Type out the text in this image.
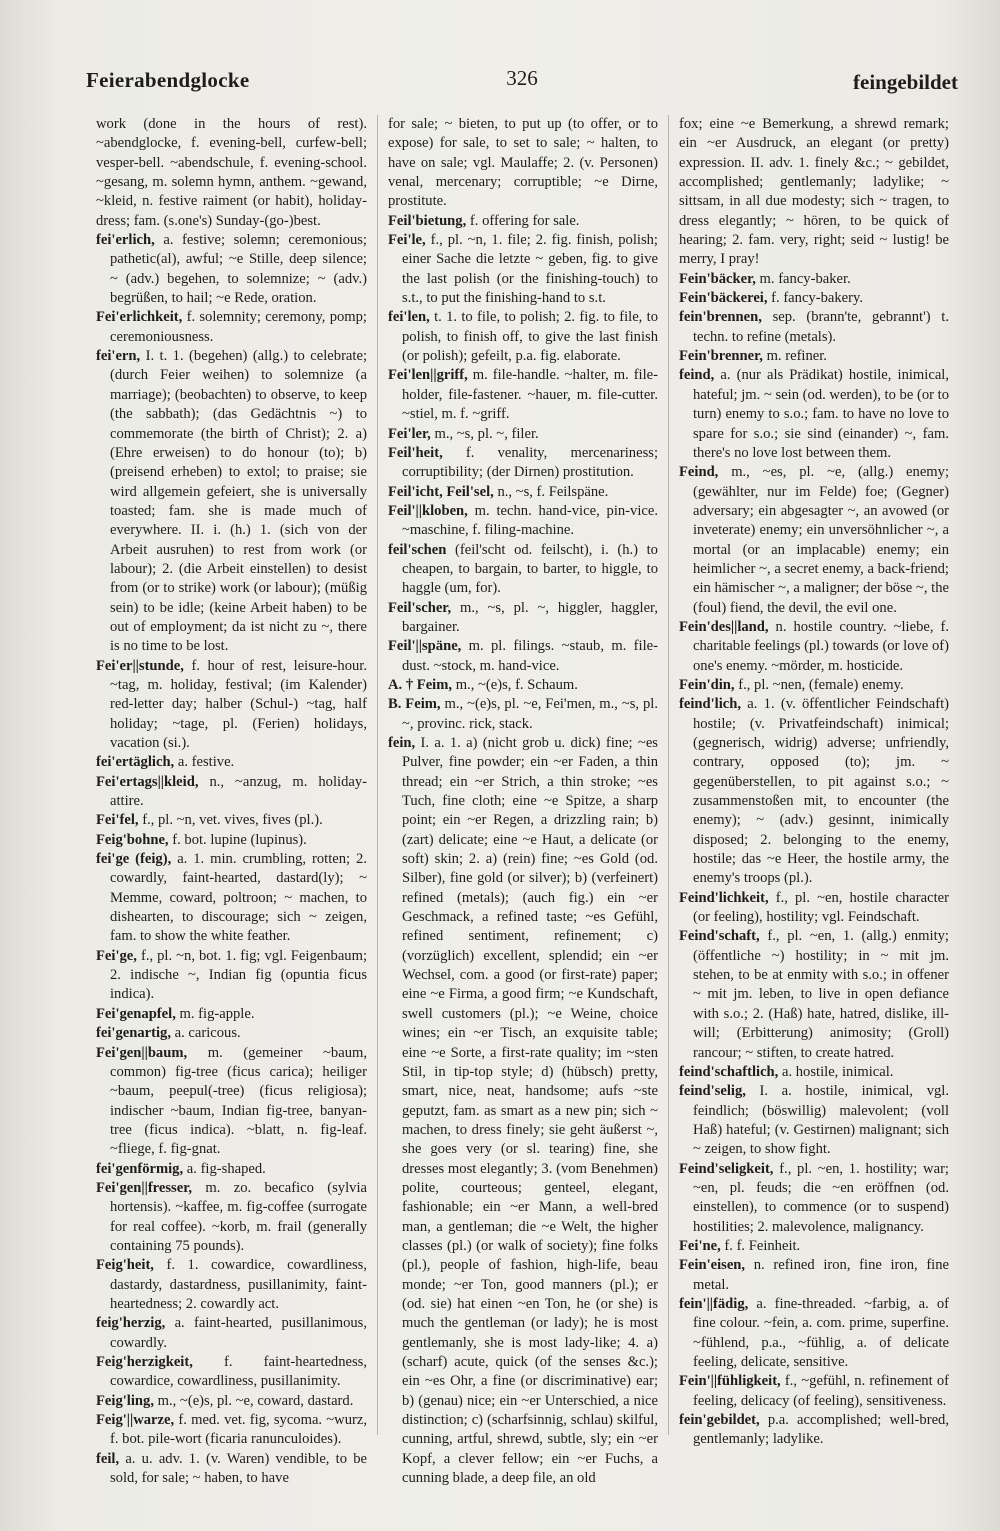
Feierabendglocke	326	feingebildet

work (done in the hours of rest). ~abendglocke, f. evening-bell, curfew-bell; vesper-bell. ~abendschule, f. evening-school. ~gesang, m. solemn hymn, anthem. ~gewand, ~kleid, n. festive raiment (or habit), holiday-dress; fam. (s.one's) Sunday-(go-)best.

fei'erlich, a. festive; solemn; ceremonious; pathetic(al), awful; ~e Stille, deep silence; ~ (adv.) begehen, to solemnize; ~ (adv.) begrüßen, to hail; ~e Rede, oration.

Fei'erlichkeit, f. solemnity; ceremony, pomp; ceremoniousness.

fei'ern, I. t. 1. (begehen) (allg.) to celebrate; (durch Feier weihen) to solemnize (a marriage); (beobachten) to observe, to keep (the sabbath); (das Gedächtnis ~) to commemorate (the birth of Christ); 2. a) (Ehre erweisen) to do honour (to); b) (preisend erheben) to extol; to praise; sie wird allgemein gefeiert, she is universally toasted; fam. she is made much of everywhere. II. i. (h.) 1. (sich von der Arbeit ausruhen) to rest from work (or labour); 2. (die Arbeit einstellen) to desist from (or to strike) work (or labour); (müßig sein) to be idle; (keine Arbeit haben) to be out of employment; da ist nicht zu ~, there is no time to be lost.

Fei'er||stunde, f. hour of rest, leisure-hour. ~tag, m. holiday, festival; (im Kalender) red-letter day; halber (Schul-) ~tag, half holiday; ~tage, pl. (Ferien) holidays, vacation (si.).

fei'ertäglich, a. festive.

Fei'ertags||kleid, n., ~anzug, m. holiday-attire.

Fei'fel, f., pl. ~n, vet. vives, fives (pl.).

Feig'bohne, f. bot. lupine (lupinus).

fei'ge (feig), a. 1. min. crumbling, rotten; 2. cowardly, faint-hearted, dastard(ly); ~ Memme, coward, poltroon; ~ machen, to dishearten, to discourage; sich ~ zeigen, fam. to show the white feather.

Fei'ge, f., pl. ~n, bot. 1. fig; vgl. Feigenbaum; 2. indische ~, Indian fig (opuntia ficus indica).

Fei'genapfel, m. fig-apple.

fei'genartig, a. caricous.

Fei'gen||baum, m. (gemeiner ~baum, common) fig-tree (ficus carica); heiliger ~baum, peepul(-tree) (ficus religiosa); indischer ~baum, Indian fig-tree, banyan-tree (ficus indica). ~blatt, n. fig-leaf. ~fliege, f. fig-gnat.

fei'genförmig, a. fig-shaped.

Fei'gen||fresser, m. zo. becafico (sylvia hortensis). ~kaffee, m. fig-coffee (surrogate for real coffee). ~korb, m. frail (generally containing 75 pounds).

Feig'heit, f. 1. cowardice, cowardliness, dastardy, dastardness, pusillanimity, faint-heartedness; 2. cowardly act.

feig'herzig, a. faint-hearted, pusillanimous, cowardly.

Feig'herzigkeit, f. faint-heartedness, cowardice, cowardliness, pusillanimity.

Feig'ling, m., ~(e)s, pl. ~e, coward, dastard.

Feig'||warze, f. med. vet. fig, sycoma. ~wurz, f. bot. pile-wort (ficaria ranunculoides).

feil, a. u. adv. 1. (v. Waren) vendible, to be sold, for sale; ~ haben, to have

for sale; ~ bieten, to put up (to offer, or to expose) for sale, to set to sale; ~ halten, to have on sale; vgl. Maulaffe; 2. (v. Personen) venal, mercenary; corruptible; ~e Dirne, prostitute.

Feil'bietung, f. offering for sale.

Fei'le, f., pl. ~n, 1. file; 2. fig. finish, polish; einer Sache die letzte ~ geben, fig. to give the last polish (or the finishing-touch) to s.t., to put the finishing-hand to s.t.

fei'len, t. 1. to file, to polish; 2. fig. to file, to polish, to finish off, to give the last finish (or polish); gefeilt, p.a. fig. elaborate.

Fei'len||griff, m. file-handle. ~halter, m. file-holder, file-fastener. ~hauer, m. file-cutter. ~stiel, m. f. ~griff.

Fei'ler, m., ~s, pl. ~, filer.

Feil'heit, f. venality, mercenariness; corruptibility; (der Dirnen) prostitution.

Feil'icht, Feil'sel, n., ~s, f. Feilspäne.

Feil'||kloben, m. techn. hand-vice, pin-vice. ~maschine, f. filing-machine.

feil'schen (feil'scht od. feilscht), i. (h.) to cheapen, to bargain, to barter, to higgle, to haggle (um, for).

Feil'scher, m., ~s, pl. ~, higgler, haggler, bargainer.

Feil'||späne, m. pl. filings. ~staub, m. file-dust. ~stock, m. hand-vice.

A. † Feim, m., ~(e)s, f. Schaum.

B. Feim, m., ~(e)s, pl. ~e, Fei'men, m., ~s, pl. ~, provinc. rick, stack.

fein, I. a. 1. a) (nicht grob u. dick) fine; ~es Pulver, fine powder; ein ~er Faden, a thin thread; ein ~er Strich, a thin stroke; ~es Tuch, fine cloth; eine ~e Spitze, a sharp point; ein ~er Regen, a drizzling rain; b) (zart) delicate; eine ~e Haut, a delicate (or soft) skin; 2. a) (rein) fine; ~es Gold (od. Silber), fine gold (or silver); b) (verfeinert) refined (metals); (auch fig.) ein ~er Geschmack, a refined taste; ~es Gefühl, refined sentiment, refinement; c) (vorzüglich) excellent, splendid; ein ~er Wechsel, com. a good (or first-rate) paper; eine ~e Firma, a good firm; ~e Kundschaft, swell customers (pl.); ~e Weine, choice wines; ein ~er Tisch, an exquisite table; eine ~e Sorte, a first-rate quality; im ~sten Stil, in tip-top style; d) (hübsch) pretty, smart, nice, neat, handsome; aufs ~ste geputzt, fam. as smart as a new pin; sich ~ machen, to dress finely; sie geht äußerst ~, she goes very (or sl. tearing) fine, she dresses most elegantly; 3. (vom Benehmen) polite, courteous; genteel, elegant, fashionable; ein ~er Mann, a well-bred man, a gentleman; die ~e Welt, the higher classes (pl.) (or walk of society); fine folks (pl.), people of fashion, high-life, beau monde; ~er Ton, good manners (pl.); er (od. sie) hat einen ~en Ton, he (or she) is much the gentleman (or lady); he is most gentlemanly, she is most lady-like; 4. a) (scharf) acute, quick (of the senses &c.); ein ~es Ohr, a fine (or discriminative) ear; b) (genau) nice; ein ~er Unterschied, a nice distinction; c) (scharfsinnig, schlau) skilful, cunning, artful, shrewd, subtle, sly; ein ~er Kopf, a clever fellow; ein ~er Fuchs, a cunning blade, a deep file, an old

fox; eine ~e Bemerkung, a shrewd remark; ein ~er Ausdruck, an elegant (or pretty) expression. II. adv. 1. finely &c.; ~ gebildet, accomplished; gentlemanly; ladylike; ~ sittsam, in all due modesty; sich ~ tragen, to dress elegantly; ~ hören, to be quick of hearing; 2. fam. very, right; seid ~ lustig! be merry, I pray!

Fein'bäcker, m. fancy-baker.

Fein'bäckerei, f. fancy-bakery.

fein'brennen, sep. (brann'te, gebrannt') t. techn. to refine (metals).

Fein'brenner, m. refiner.

feind, a. (nur als Prädikat) hostile, inimical, hateful; jm. ~ sein (od. werden), to be (or to turn) enemy to s.o.; fam. to have no love to spare for s.o.; sie sind (einander) ~, fam. there's no love lost between them.

Feind, m., ~es, pl. ~e, (allg.) enemy; (gewählter, nur im Felde) foe; (Gegner) adversary; ein abgesagter ~, an avowed (or inveterate) enemy; ein unversöhnlicher ~, a mortal (or an implacable) enemy; ein heimlicher ~, a secret enemy, a back-friend; ein hämischer ~, a maligner; der böse ~, the (foul) fiend, the devil, the evil one.

Fein'des||land, n. hostile country. ~liebe, f. charitable feelings (pl.) towards (or love of) one's enemy. ~mörder, m. hosticide.

Fein'din, f., pl. ~nen, (female) enemy.

feind'lich, a. 1. (v. öffentlicher Feindschaft) hostile; (v. Privatfeindschaft) inimical; (gegnerisch, widrig) adverse; unfriendly, contrary, opposed (to); jm. ~ gegenüberstellen, to pit against s.o.; ~ zusammenstoßen mit, to encounter (the enemy); ~ (adv.) gesinnt, inimically disposed; 2. belonging to the enemy, hostile; das ~e Heer, the hostile army, the enemy's troops (pl.).

Feind'lichkeit, f., pl. ~en, hostile character (or feeling), hostility; vgl. Feindschaft.

Feind'schaft, f., pl. ~en, 1. (allg.) enmity; (öffentliche ~) hostility; in ~ mit jm. stehen, to be at enmity with s.o.; in offener ~ mit jm. leben, to live in open defiance with s.o.; 2. (Haß) hate, hatred, dislike, ill-will; (Erbitterung) animosity; (Groll) rancour; ~ stiften, to create hatred.

feind'schaftlich, a. hostile, inimical.

feind'selig, I. a. hostile, inimical, vgl. feindlich; (böswillig) malevolent; (voll Haß) hateful; (v. Gestirnen) malignant; sich ~ zeigen, to show fight.

Feind'seligkeit, f., pl. ~en, 1. hostility; war; ~en, pl. feuds; die ~en eröffnen (od. einstellen), to commence (or to suspend) hostilities; 2. malevolence, malignancy.

Fei'ne, f. f. Feinheit.

Fein'eisen, n. refined iron, fine iron, fine metal.

fein'||fädig, a. fine-threaded. ~farbig, a. of fine colour. ~fein, a. com. prime, superfine. ~fühlend, p.a., ~fühlig, a. of delicate feeling, delicate, sensitive.

Fein'||fühligkeit, f., ~gefühl, n. refinement of feeling, delicacy (of feeling), sensitiveness.

fein'gebildet, p.a. accomplished; well-bred, gentlemanly; ladylike.
